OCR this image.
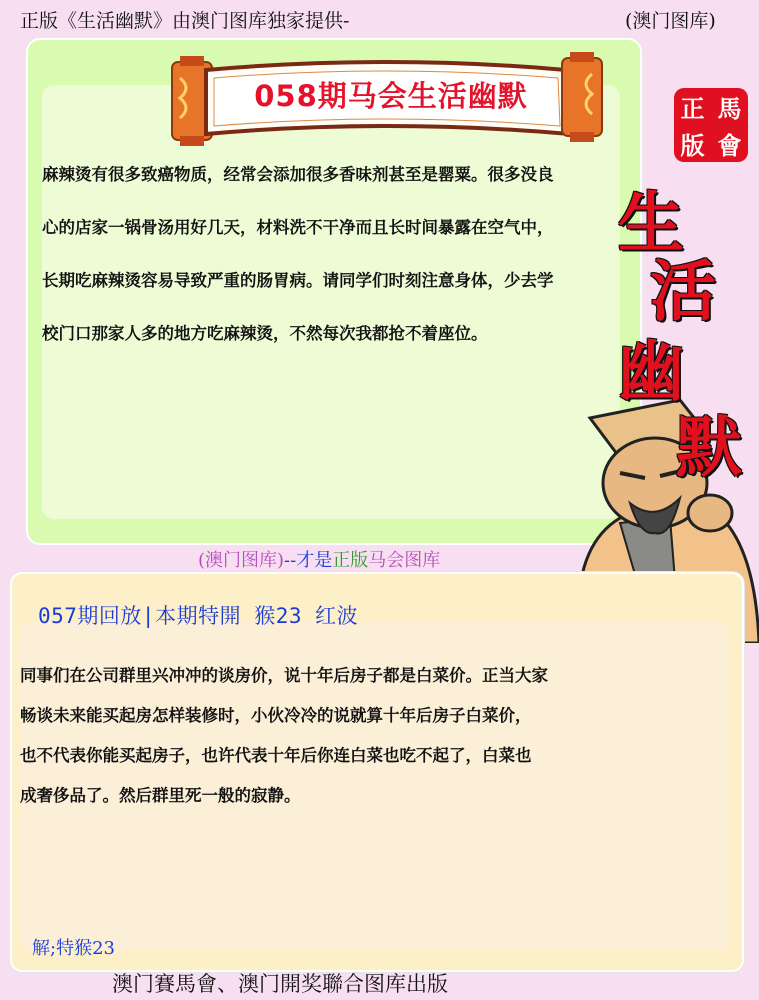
正版《生活幽默》由澳门图库独家提供-	(澳门图库)
058期马会生活幽默
麻辣烫有很多致癌物质，经常会添加很多香味剂甚至是罂粟。很多没良
心的店家一锅骨汤用好几天，材料洗不干净而且长时间暴露在空气中，
长期吃麻辣烫容易导致严重的肠胃病。请同学们时刻注意身体，少去学
校门口那家人多的地方吃麻辣烫，不然每次我都抢不着座位。
正 馬
版 會
生
活
幽
默
(澳门图库)--才是正版马会图库
057期回放|本期特開 猴23 红波
同事们在公司群里兴冲冲的谈房价，说十年后房子都是白菜价。正当大家
畅谈未来能买起房怎样装修时，小伙冷冷的说就算十年后房子白菜价，
也不代表你能买起房子，也许代表十年后你连白菜也吃不起了，白菜也
成奢侈品了。然后群里死一般的寂静。
解;特猴23
澳门賽馬會、澳门開奖聯合图库出版
